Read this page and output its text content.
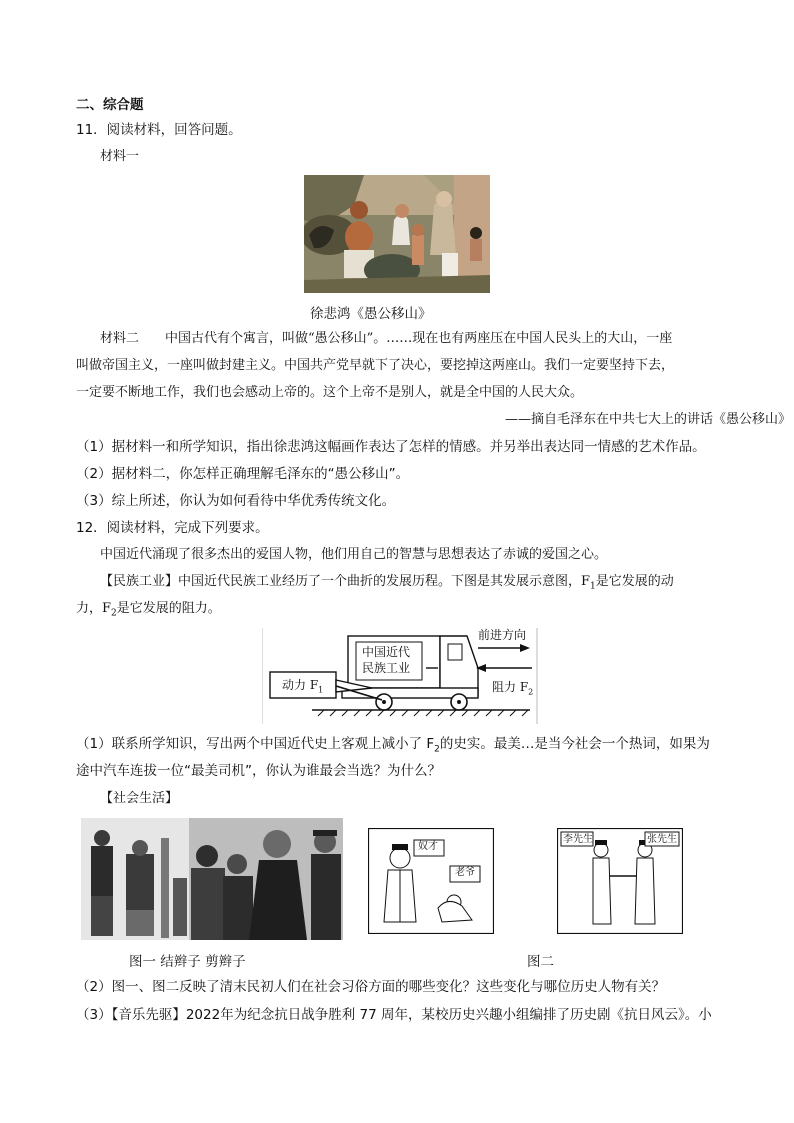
二、综合题
11．阅读材料，回答问题。
材料一
徐悲鸿《愚公移山》
材料二　　中国古代有个寓言，叫做“愚公移山”。……现在也有两座压在中国人民头上的大山，一座
叫做帝国主义，一座叫做封建主义。中国共产党早就下了决心，要挖掉这两座山。我们一定要坚持下去，
一定要不断地工作，我们也会感动上帝的。这个上帝不是别人，就是全中国的人民大众。
——摘自毛泽东在中共七大上的讲话《愚公移山》
（1）据材料一和所学知识，指出徐悲鸿这幅画作表达了怎样的情感。并另举出表达同一情感的艺术作品。
（2）据材料二，你怎样正确理解毛泽东的“愚公移山”。
（3）综上所述，你认为如何看待中华优秀传统文化。
12．阅读材料，完成下列要求。
中国近代涌现了很多杰出的爱国人物，他们用自己的智慧与思想表达了赤诚的爱国之心。
【民族工业】中国近代民族工业经历了一个曲折的发展历程。下图是其发展示意图，$F_1$是它发展的动
力，$F_2$是它发展的阻力。
中国近代
民族工业
前进方向
动力 $F_1$	阻力 $F_2$
（1）联系所学知识，写出两个中国近代史上客观上减小了 $F_2$的史实。最美…是当今社会一个热词，如果为
途中汽车连拔一位“最美司机”，你认为谁最会当选？为什么？
【社会生活】
图一 结辫子 剪辫子
奴才
老爷
李先生	张先生
图二
（2）图一、图二反映了清末民初人们在社会习俗方面的哪些变化？这些变化与哪位历史人物有关？
（3）【音乐先驱】2022年为纪念抗日战争胜利 77 周年，某校历史兴趣小组编排了历史剧《抗日风云》。小
